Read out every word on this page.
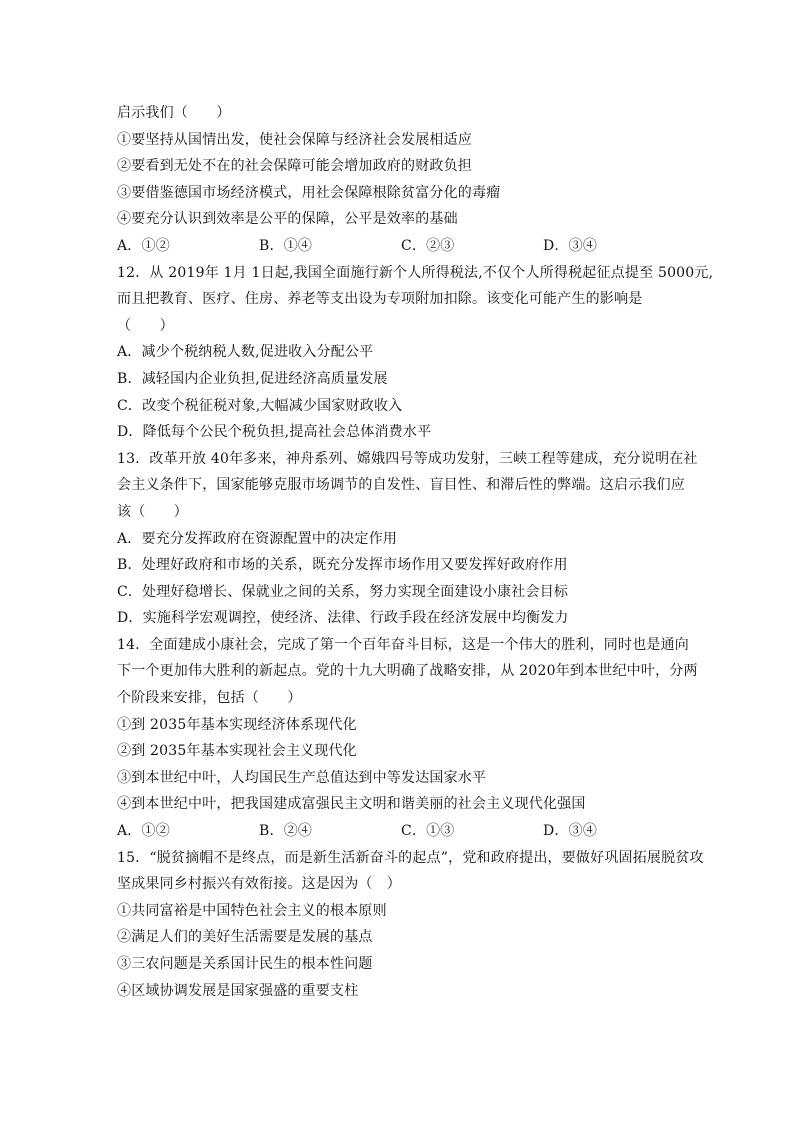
启示我们（　　）
①要坚持从国情出发，使社会保障与经济社会发展相适应
②要看到无处不在的社会保障可能会增加政府的财政负担
③要借鉴德国市场经济模式，用社会保障根除贫富分化的毒瘤
④要充分认识到效率是公平的保障，公平是效率的基础
A．①②	B．①④	C．②③	D．③④
12．从 2019年 1月 1日起,我国全面施行新个人所得税法,不仅个人所得税起征点提至 5000元,
而且把教育、医疗、住房、养老等支出设为专项附加扣除。该变化可能产生的影响是
（　　）
A．减少个税纳税人数,促进收入分配公平
B．减轻国内企业负担,促进经济高质量发展
C．改变个税征税对象,大幅减少国家财政收入
D．降低每个公民个税负担,提高社会总体消费水平
13．改革开放 40年多来，神舟系列、嫦娥四号等成功发射，三峡工程等建成，充分说明在社
会主义条件下，国家能够克服市场调节的自发性、盲目性、和滞后性的弊端。这启示我们应
该（　　）
A．要充分发挥政府在资源配置中的决定作用
B．处理好政府和市场的关系，既充分发挥市场作用又要发挥好政府作用
C．处理好稳增长、保就业之间的关系，努力实现全面建设小康社会目标
D．实施科学宏观调控，使经济、法律、行政手段在经济发展中均衡发力
14．全面建成小康社会，完成了第一个百年奋斗目标，这是一个伟大的胜利，同时也是通向
下一个更加伟大胜利的新起点。党的十九大明确了战略安排，从 2020年到本世纪中叶，分两
个阶段来安排，包括（　　）
①到 2035年基本实现经济体系现代化
②到 2035年基本实现社会主义现代化
③到本世纪中叶，人均国民生产总值达到中等发达国家水平
④到本世纪中叶，把我国建成富强民主文明和谐美丽的社会主义现代化强国
A．①②	B．②④	C．①③	D．③④
15．“脱贫摘帽不是终点，而是新生活新奋斗的起点”，党和政府提出，要做好巩固拓展脱贫攻
坚成果同乡村振兴有效衔接。这是因为（　）
①共同富裕是中国特色社会主义的根本原则
②满足人们的美好生活需要是发展的基点
③三农问题是关系国计民生的根本性问题
④区域协调发展是国家强盛的重要支柱
